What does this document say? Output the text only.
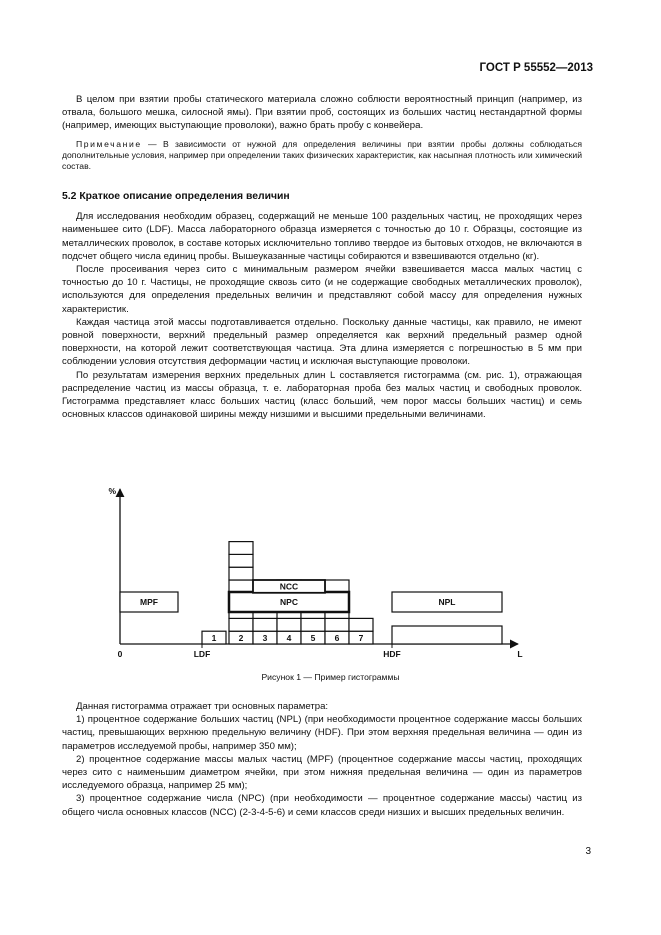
ГОСТ Р 55552—2013

В целом при взятии пробы статического материала сложно соблюсти вероятностный принцип (например, из отвала, большого мешка, силосной ямы). При взятии проб, состоящих из больших частиц нестандартной формы (например, имеющих выступающие проволоки), важно брать пробу с конвейера.

Примечание — В зависимости от нужной для определения величины при взятии пробы должны соблюдаться дополнительные условия, например при определении таких физических характеристик, как насыпная плотность или химический состав.

5.2 Краткое описание определения величин

Для исследования необходим образец, содержащий не меньше 100 раздельных частиц, не проходящих через наименьшее сито (LDF). Масса лабораторного образца измеряется с точностью до 10 г. Образцы, состоящие из металлических проволок, в составе которых исключительно топливо твердое из бытовых отходов, не включаются в подсчет общего числа единиц пробы. Вышеуказанные частицы собираются и взвешиваются отдельно (кг).

После просеивания через сито с минимальным размером ячейки взвешивается масса малых частиц с точностью до 10 г. Частицы, не проходящие сквозь сито (и не содержащие свободных металлических проволок), используются для определения предельных величин и представляют собой массу для определения нужных характеристик.

Каждая частица этой массы подготавливается отдельно. Поскольку данные частицы, как правило, не имеют ровной поверхности, верхний предельный размер определяется как верхний предельный размер одной поверхности, на которой лежит соответствующая частица. Эта длина измеряется с погрешностью в 5 мм при соблюдении условия отсутствия деформации частиц и исключая выступающие проволоки.

По результатам измерения верхних предельных длин L составляется гистограмма (см. рис. 1), отражающая распределение частиц из массы образца, т. е. лабораторная проба без малых частиц и свободных проволок. Гистограмма представляет класс больших частиц (класс больший, чем порог массы больших частиц) и семь основных классов одинаковой ширины между низшими и высшими предельными величинами.

%
0	L
MPF
1	2 3 4 5 6 7
LDF	HDF
NPC
NCC
NPL
Рисунок 1 — Пример гистограммы

Данная гистограмма отражает три основных параметра:

1) процентное содержание больших частиц (NPL) (при необходимости процентное содержание массы больших частиц, превышающих верхнюю предельную величину (HDF). При этом верхняя предельная величина — один из параметров исследуемой пробы, например 350 мм);

2) процентное содержание массы малых частиц (MPF) (процентное содержание массы частиц, проходящих через сито с наименьшим диаметром ячейки, при этом нижняя предельная величина — один из параметров исследуемого образца, например 25 мм);

3) процентное содержание числа (NPC) (при необходимости — процентное содержание массы) частиц из общего числа основных классов (NCC) (2-3-4-5-6) и семи классов среди низших и высших предельных величин.

3
